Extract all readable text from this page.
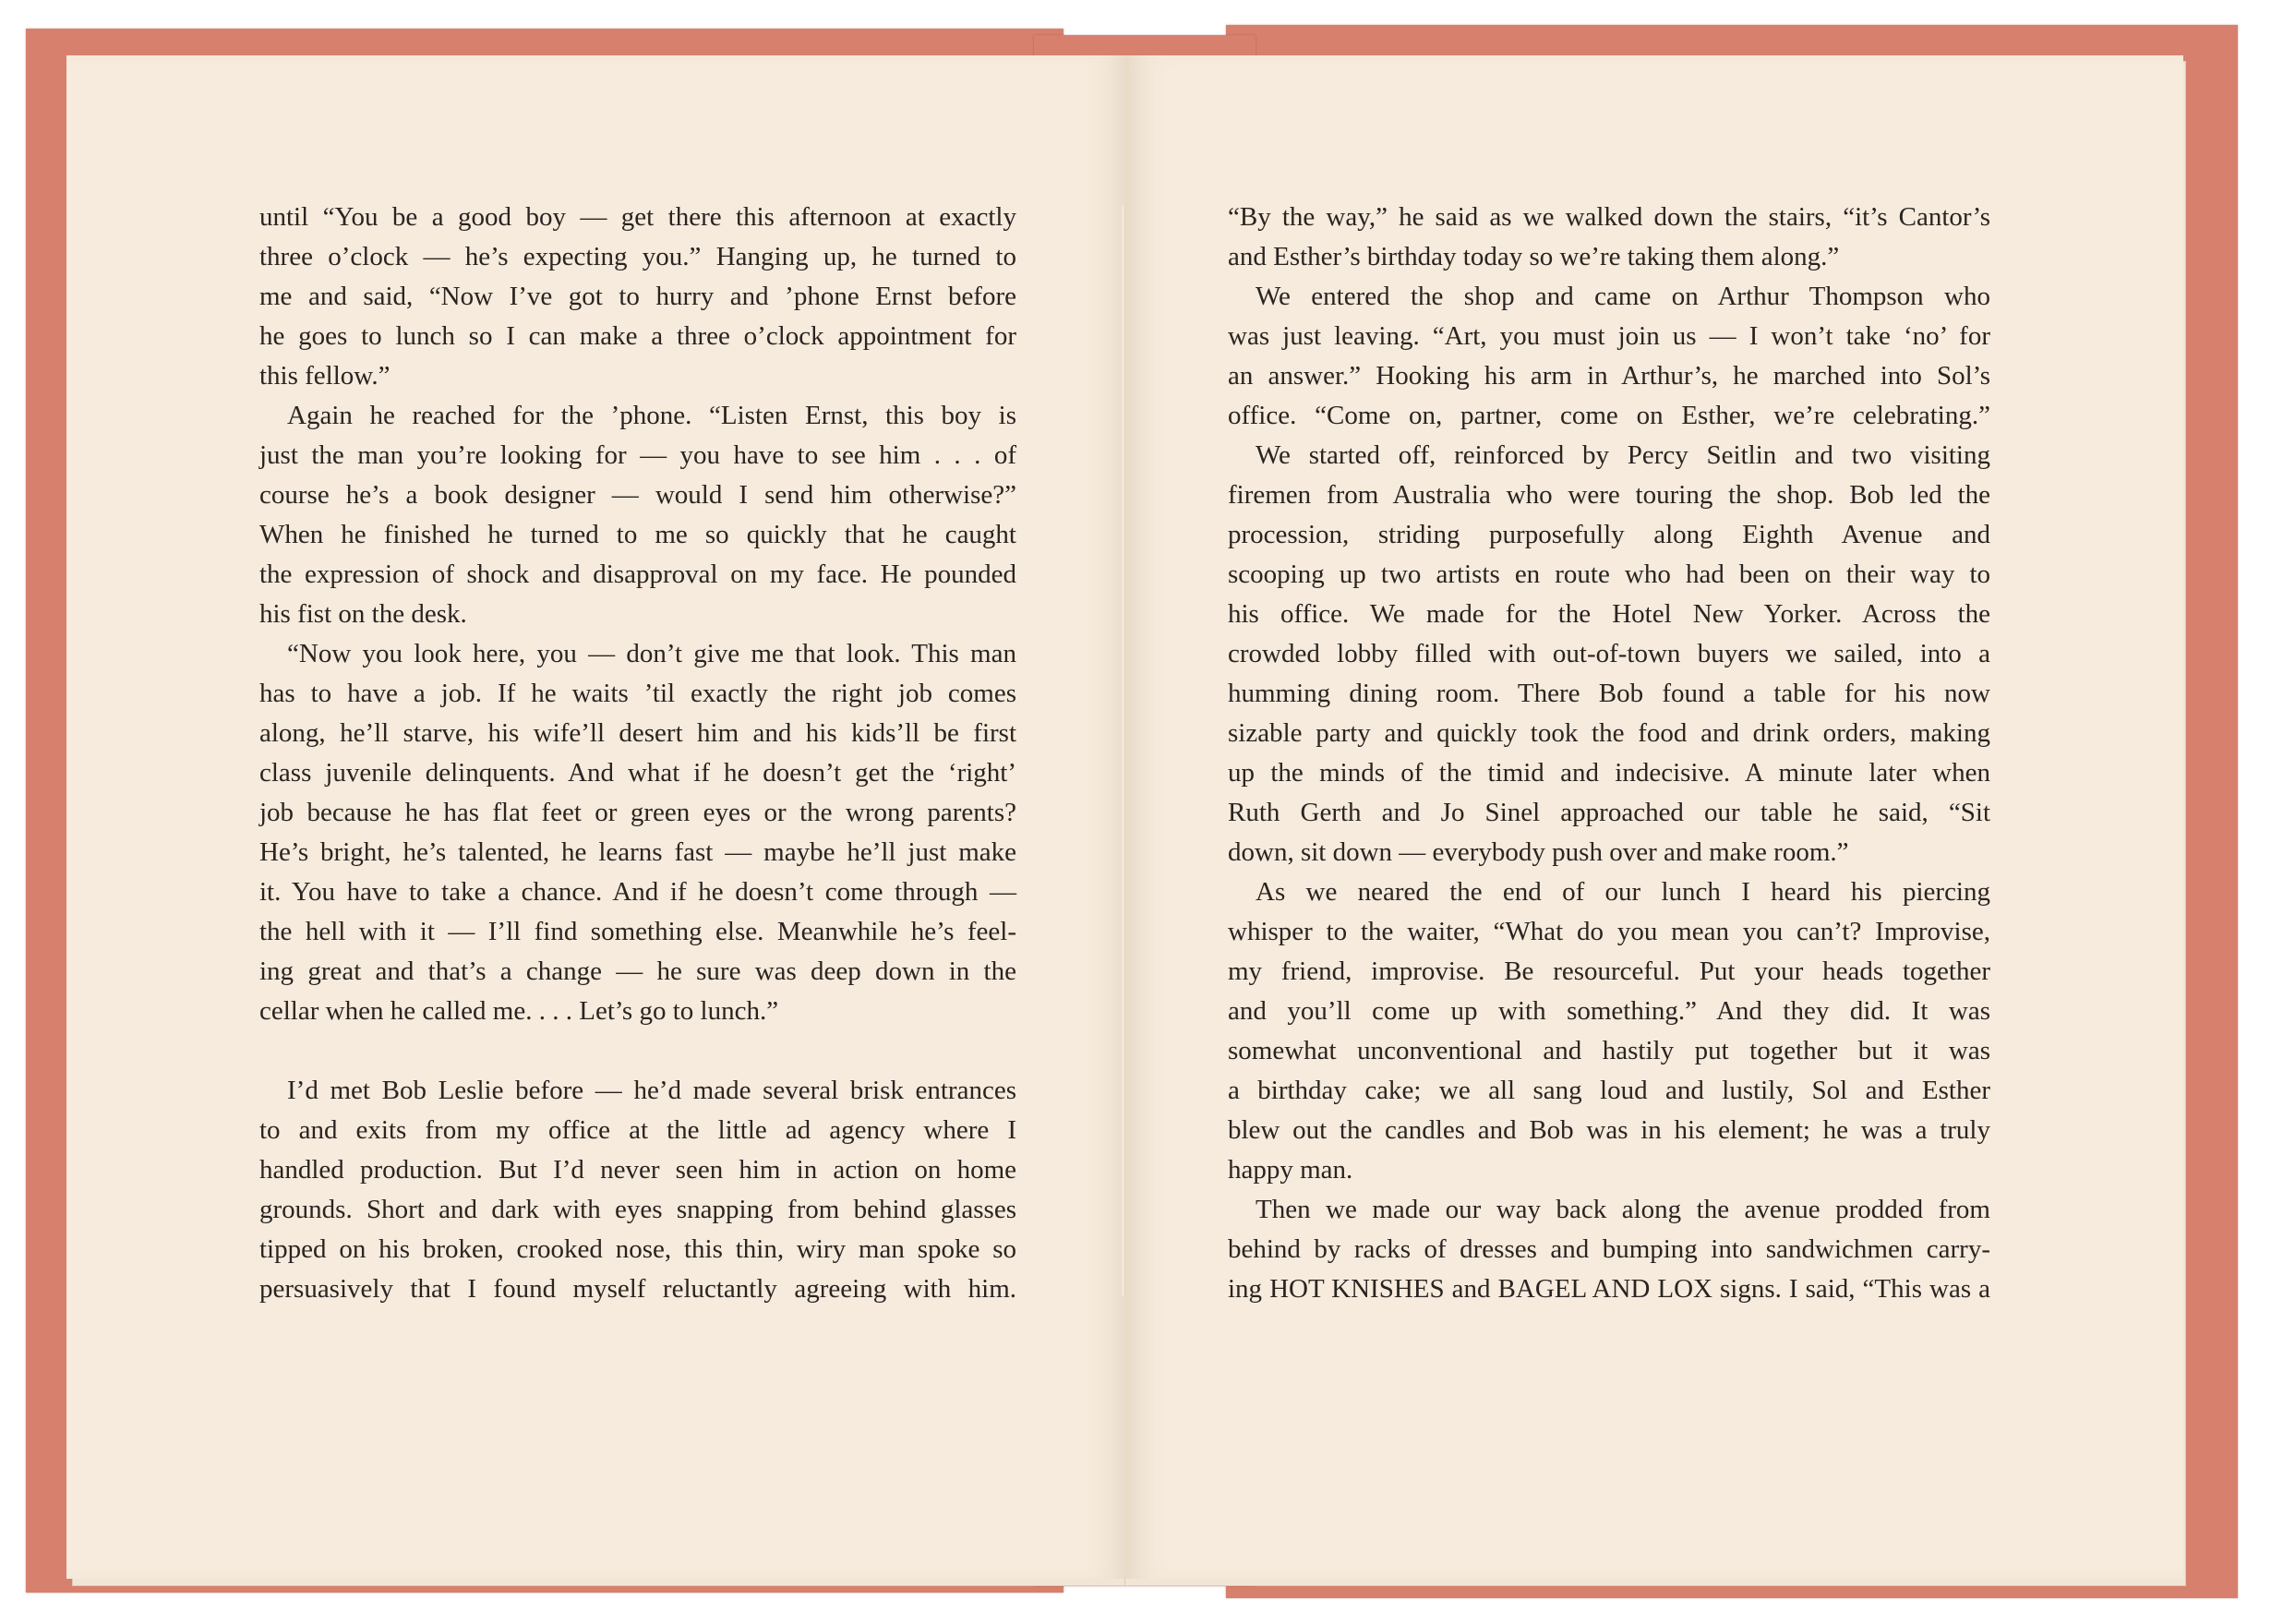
until “You be a good boy — get there this afternoon at exactly
three o’clock — he’s expecting you.” Hanging up, he turned to
me and said, “Now I’ve got to hurry and ’phone Ernst before
he goes to lunch so I can make a three o’clock appointment for
this fellow.”
Again he reached for the ’phone. “Listen Ernst, this boy is
just the man you’re looking for — you have to see him . . . of
course he’s a book designer — would I send him otherwise?”
When he finished he turned to me so quickly that he caught
the expression of shock and disapproval on my face. He pounded
his fist on the desk.
“Now you look here, you — don’t give me that look. This man
has to have a job. If he waits ’til exactly the right job comes
along, he’ll starve, his wife’ll desert him and his kids’ll be first
class juvenile delinquents. And what if he doesn’t get the ‘right’
job because he has flat feet or green eyes or the wrong parents?
He’s bright, he’s talented, he learns fast — maybe he’ll just make
it. You have to take a chance. And if he doesn’t come through —
the hell with it — I’ll find something else. Meanwhile he’s feel-
ing great and that’s a change — he sure was deep down in the
cellar when he called me. . . . Let’s go to lunch.”
I’d met Bob Leslie before — he’d made several brisk entrances
to and exits from my office at the little ad agency where I
handled production. But I’d never seen him in action on home
grounds. Short and dark with eyes snapping from behind glasses
tipped on his broken, crooked nose, this thin, wiry man spoke so
persuasively that I found myself reluctantly agreeing with him.
“By the way,” he said as we walked down the stairs, “it’s Cantor’s
and Esther’s birthday today so we’re taking them along.”
We entered the shop and came on Arthur Thompson who
was just leaving. “Art, you must join us — I won’t take ‘no’ for
an answer.” Hooking his arm in Arthur’s, he marched into Sol’s
office. “Come on, partner, come on Esther, we’re celebrating.”
We started off, reinforced by Percy Seitlin and two visiting
firemen from Australia who were touring the shop. Bob led the
procession, striding purposefully along Eighth Avenue and
scooping up two artists en route who had been on their way to
his office. We made for the Hotel New Yorker. Across the
crowded lobby filled with out-of-town buyers we sailed, into a
humming dining room. There Bob found a table for his now
sizable party and quickly took the food and drink orders, making
up the minds of the timid and indecisive. A minute later when
Ruth Gerth and Jo Sinel approached our table he said, “Sit
down, sit down — everybody push over and make room.”
As we neared the end of our lunch I heard his piercing
whisper to the waiter, “What do you mean you can’t? Improvise,
my friend, improvise. Be resourceful. Put your heads together
and you’ll come up with something.” And they did. It was
somewhat unconventional and hastily put together but it was
a birthday cake; we all sang loud and lustily, Sol and Esther
blew out the candles and Bob was in his element; he was a truly
happy man.
Then we made our way back along the avenue prodded from
behind by racks of dresses and bumping into sandwichmen carry-
ing HOT KNISHES and BAGEL AND LOX signs. I said, “This was a
